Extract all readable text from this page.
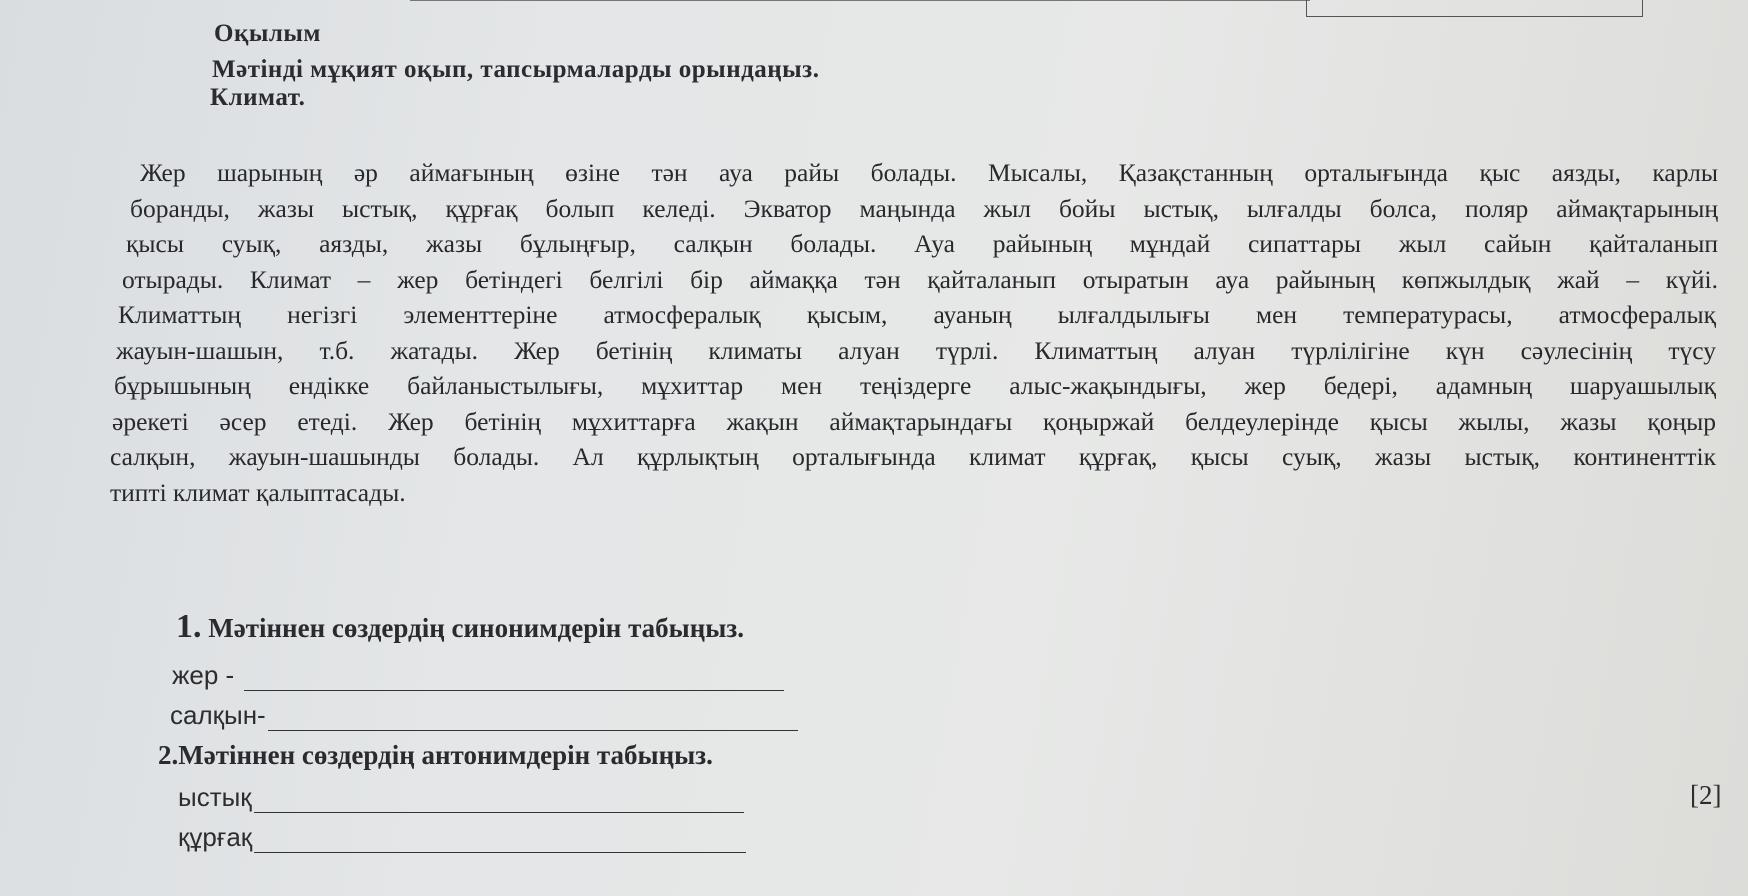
Оқылым
Мәтінді мұқият оқып, тапсырмаларды орындаңыз.
Климат.
Жер шарының әр аймағының өзіне тән ауа райы болады. Мысалы, Қазақстанның орталығында қыс аязды, карлы
боранды, жазы ыстық, құрғақ болып келеді. Экватор маңында жыл бойы ыстық, ылғалды болса, поляр аймақтарының
қысы суық, аязды, жазы бұлыңғыр, салқын болады. Ауа райының мұндай сипаттары жыл сайын қайталанып
отырады. Климат – жер бетіндегі белгілі бір аймаққа тән қайталанып отыратын ауа райының көпжылдық жай – күйі.
Климаттың негізгі элементтеріне атмосфералық қысым, ауаның ылғалдылығы мен температурасы, атмосфералық
жауын-шашын, т.б. жатады. Жер бетінің климаты алуан түрлі. Климаттың алуан түрлілігіне күн сәулесінің түсу
бұрышының ендікке байланыстылығы, мұхиттар мен теңіздерге алыс-жақындығы, жер бедері, адамның шаруашылық
әрекеті әсер етеді. Жер бетінің мұхиттарға жақын аймақтарындағы қоңыржай белдеулерінде қысы жылы, жазы қоңыр
салқын, жауын-шашынды болады. Ал құрлықтың орталығында климат құрғақ, қысы суық, жазы ыстық, континенттік
типті климат қалыптасады.
1. Мәтіннен сөздердің синонимдерін табыңыз.
жер -
салқын-
2.Мәтіннен сөздердің антонимдерін табыңыз.
ыстық
құрғақ
[2]
